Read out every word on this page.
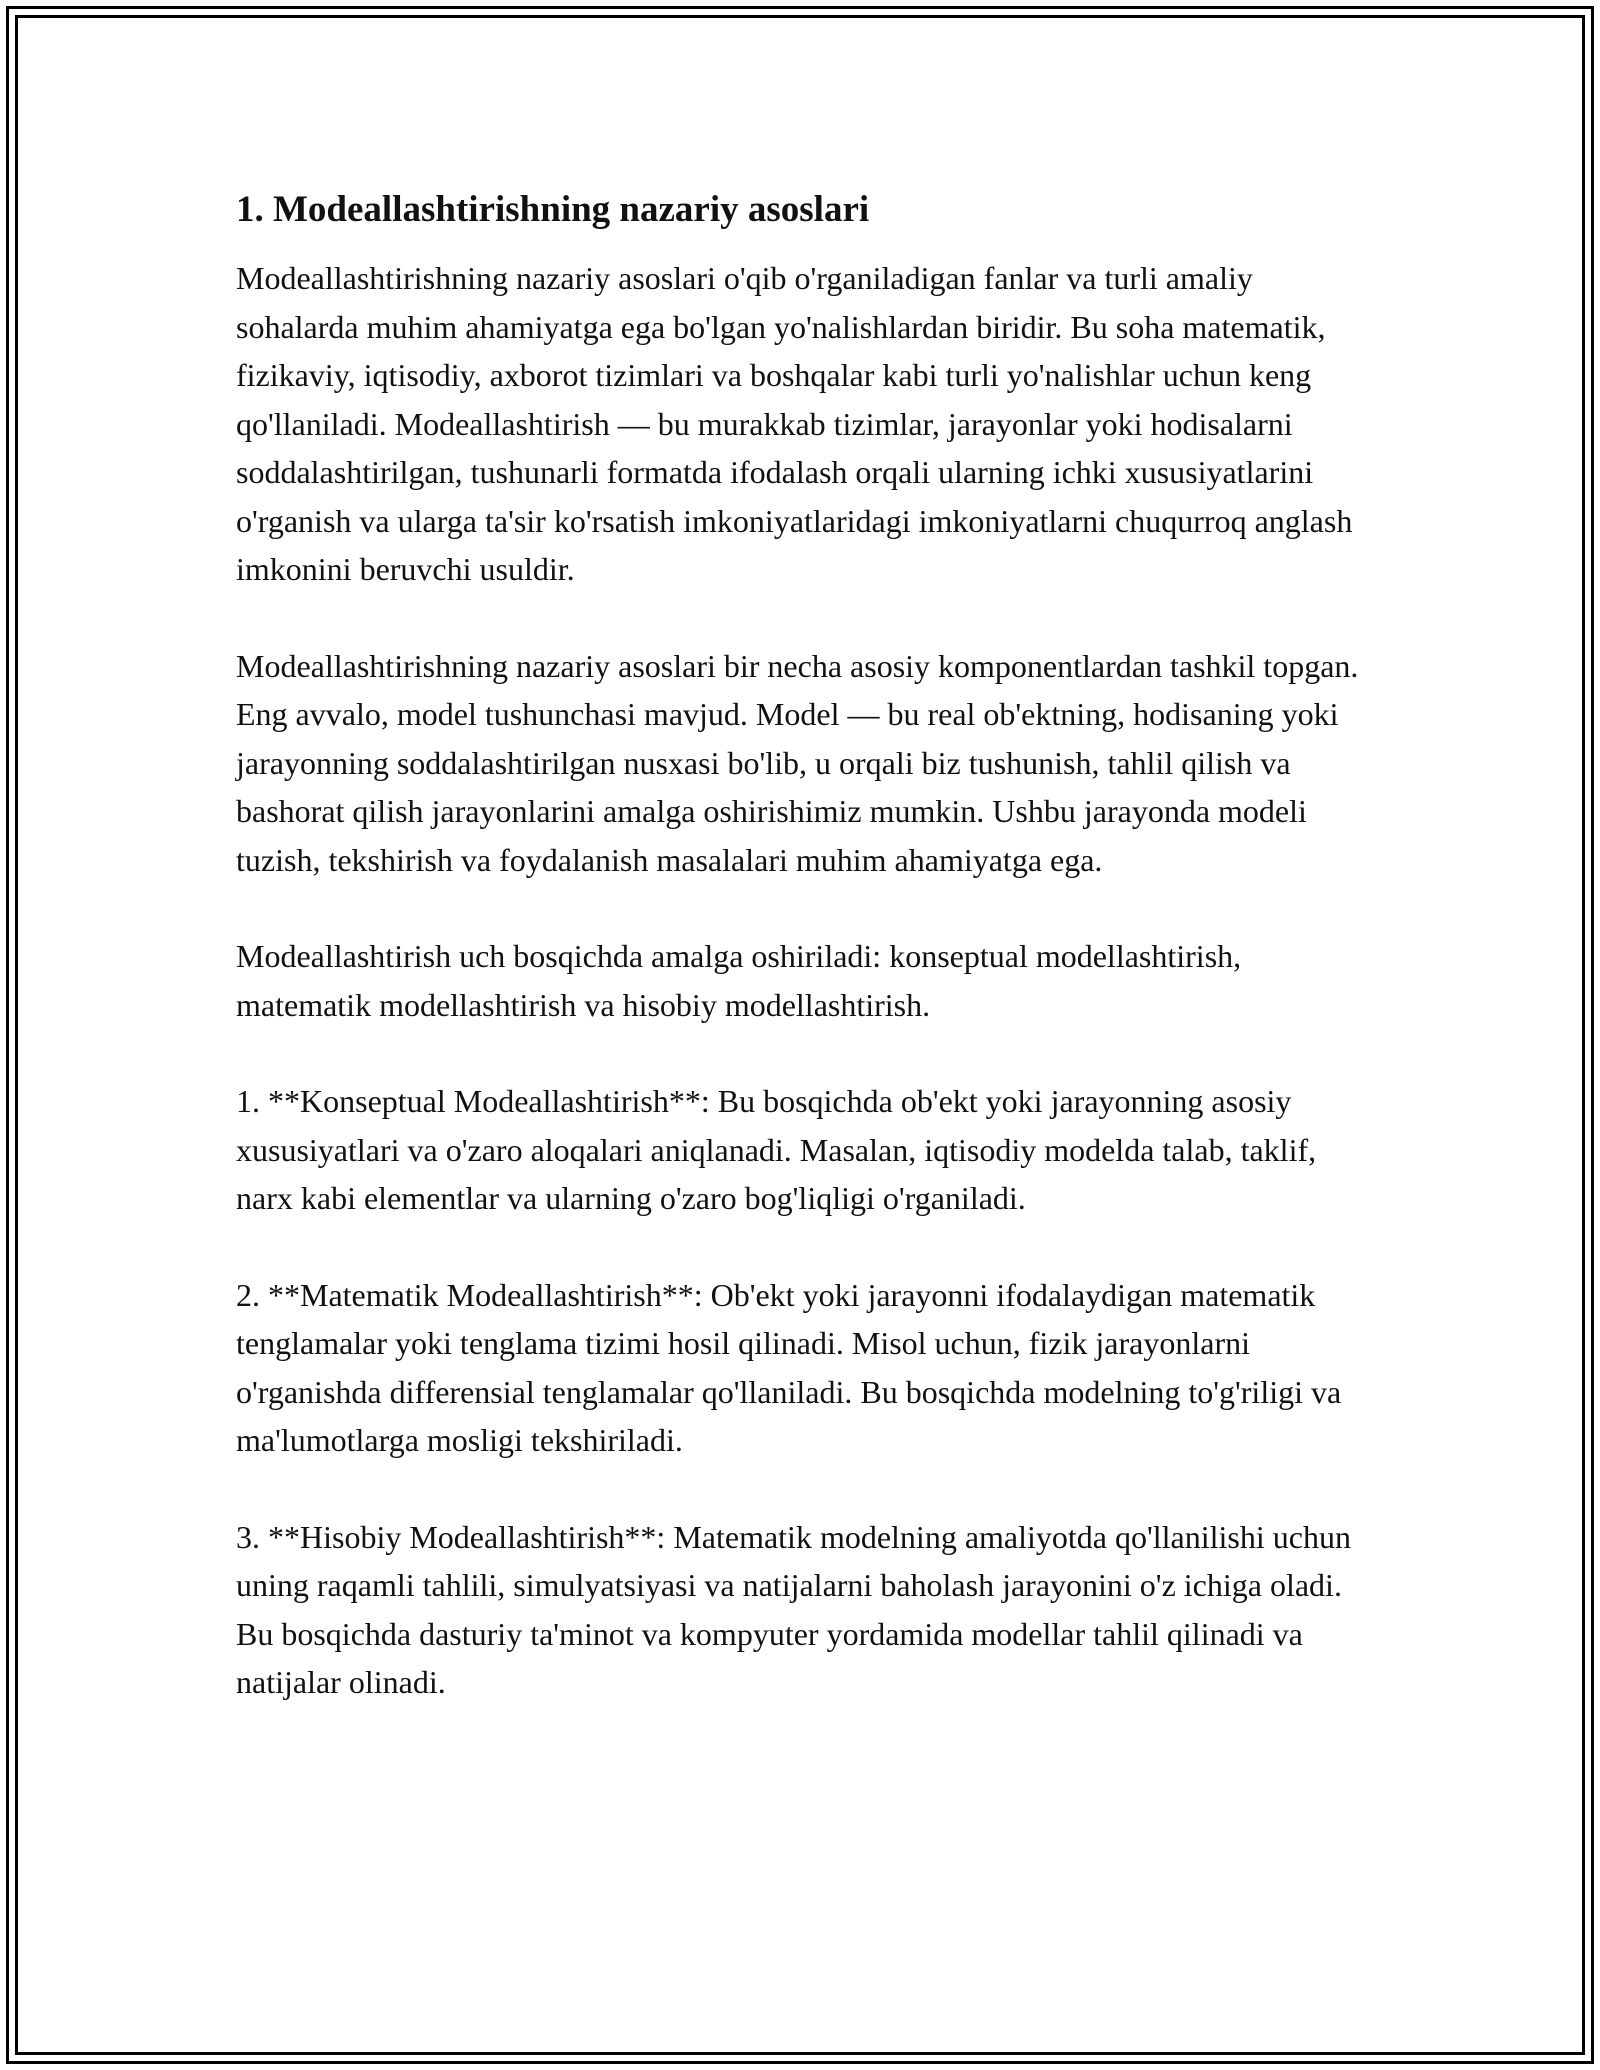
1. Modeallashtirishning nazariy asoslari

Modeallashtirishning nazariy asoslari o'qib o'rganiladigan fanlar va turli amaliy sohalarda muhim ahamiyatga ega bo'lgan yo'nalishlardan biridir. Bu soha matematik, fizikaviy, iqtisodiy, axborot tizimlari va boshqalar kabi turli yo'nalishlar uchun keng qo'llaniladi. Modeallashtirish — bu murakkab tizimlar, jarayonlar yoki hodisalarni soddalashtirilgan, tushunarli formatda ifodalash orqali ularning ichki xususiyatlarini o'rganish va ularga ta'sir ko'rsatish imkoniyatlaridagi imkoniyatlarni chuqurroq anglash imkonini beruvchi usuldir.

Modeallashtirishning nazariy asoslari bir necha asosiy komponentlardan tashkil topgan. Eng avvalo, model tushunchasi mavjud. Model — bu real ob'ektning, hodisaning yoki jarayonning soddalashtirilgan nusxasi bo'lib, u orqali biz tushunish, tahlil qilish va bashorat qilish jarayonlarini amalga oshirishimiz mumkin. Ushbu jarayonda modeli tuzish, tekshirish va foydalanish masalalari muhim ahamiyatga ega.

Modeallashtirish uch bosqichda amalga oshiriladi: konseptual modellashtirish, matematik modellashtirish va hisobiy modellashtirish.

1. **Konseptual Modeallashtirish**: Bu bosqichda ob'ekt yoki jarayonning asosiy xususiyatlari va o'zaro aloqalari aniqlanadi. Masalan, iqtisodiy modelda talab, taklif, narx kabi elementlar va ularning o'zaro bog'liqligi o'rganiladi.

2. **Matematik Modeallashtirish**: Ob'ekt yoki jarayonni ifodalaydigan matematik tenglamalar yoki tenglama tizimi hosil qilinadi. Misol uchun, fizik jarayonlarni o'rganishda differensial tenglamalar qo'llaniladi. Bu bosqichda modelning to'g'riligi va ma'lumotlarga mosligi tekshiriladi.

3. **Hisobiy Modeallashtirish**: Matematik modelning amaliyotda qo'llanilishi uchun uning raqamli tahlili, simulyatsiyasi va natijalarni baholash jarayonini o'z ichiga oladi. Bu bosqichda dasturiy ta'minot va kompyuter yordamida modellar tahlil qilinadi va natijalar olinadi.
